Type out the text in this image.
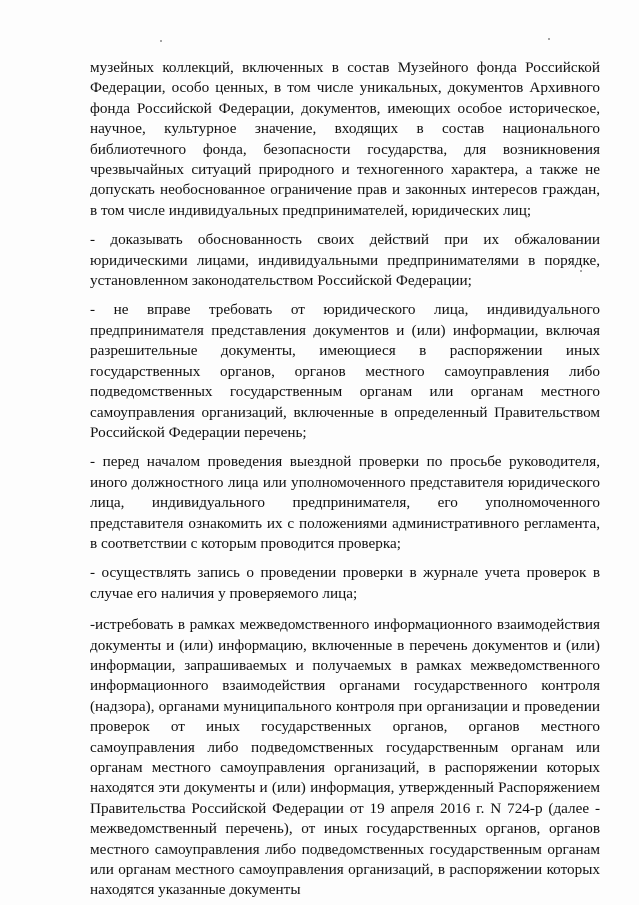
музейных коллекций, включенных в состав Музейного фонда Российской Федерации, особо ценных, в том числе уникальных, документов Архивного фонда Российской Федерации, документов, имеющих особое историческое, научное, культурное значение, входящих в состав национального библиотечного фонда, безопасности государства, для возникновения чрезвычайных ситуаций природного и техногенного характера, а также не допускать необоснованное ограничение прав и законных интересов граждан, в том числе индивидуальных предпринимателей, юридических лиц;

- доказывать обоснованность своих действий при их обжаловании юридическими лицами, индивидуальными предпринимателями в порядке, установленном законодательством Российской Федерации;

- не вправе требовать от юридического лица, индивидуального предпринимателя представления документов и (или) информации, включая разрешительные документы, имеющиеся в распоряжении иных государственных органов, органов местного самоуправления либо подведомственных государственным органам или органам местного самоуправления организаций, включенные в определенный Правительством Российской Федерации перечень;

- перед началом проведения выездной проверки по просьбе руководителя, иного должностного лица или уполномоченного представителя юридического лица, индивидуального предпринимателя, его уполномоченного представителя ознакомить их с положениями административного регламента, в соответствии с которым проводится проверка;

- осуществлять запись о проведении проверки в журнале учета проверок в случае его наличия у проверяемого лица;

-истребовать в рамках межведомственного информационного взаимодействия документы и (или) информацию, включенные в перечень документов и (или) информации, запрашиваемых и получаемых в рамках межведомственного информационного взаимодействия органами государственного контроля (надзора), органами муниципального контроля при организации и проведении проверок от иных государственных органов, органов местного самоуправления либо подведомственных государственным органам или органам местного самоуправления организаций, в распоряжении которых находятся эти документы и (или) информация, утвержденный Распоряжением Правительства Российской Федерации от 19 апреля 2016 г. N 724-р (далее - межведомственный перечень), от иных государственных органов, органов местного самоуправления либо подведомственных государственным органам или органам местного самоуправления организаций, в распоряжении которых находятся указанные документы
